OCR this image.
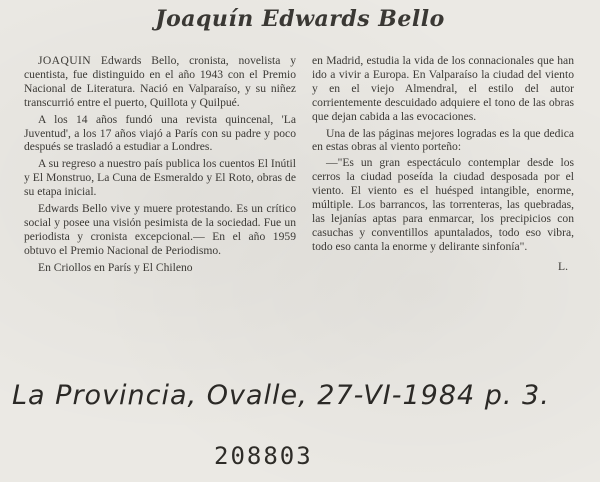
Joaquín Edwards Bello

JOAQUIN Edwards Bello, cronista, novelista y cuentista, fue distinguido en el año 1943 con el Premio Nacional de Literatura. Nació en Valparaíso, y su niñez transcurrió entre el puerto, Quillota y Quilpué.

A los 14 años fundó una revista quincenal, 'La Juventud', a los 17 años viajó a París con su padre y poco después se trasladó a estudiar a Londres.

A su regreso a nuestro país publica los cuentos El Inútil y El Monstruo, La Cuna de Esmeraldo y El Roto, obras de su etapa inicial.

Edwards Bello vive y muere protestando. Es un crítico social y posee una visión pesimista de la sociedad. Fue un periodista y cronista excepcional.— En el año 1959 obtuvo el Premio Nacional de Periodismo.

En Criollos en París y El Chileno

en Madrid, estudia la vida de los connacionales que han ido a vivir a Europa. En Valparaíso la ciudad del viento y en el viejo Almendral, el estilo del autor corrientemente descuidado adquiere el tono de las obras que dejan cabida a las evocaciones.

Una de las páginas mejores logradas es la que dedica en estas obras al viento porteño:

—"Es un gran espectáculo contemplar desde los cerros la ciudad poseída la ciudad desposada por el viento. El viento es el huésped intangible, enorme, múltiple. Los barrancos, las torrenteras, las quebradas, las lejanías aptas para enmarcar, los precipicios con casuchas y conventillos apuntalados, todo eso vibra, todo eso canta la enorme y delirante sinfonía".

L.

La Provincia, Ovalle, 27-VI-1984 p. 3.
208803
